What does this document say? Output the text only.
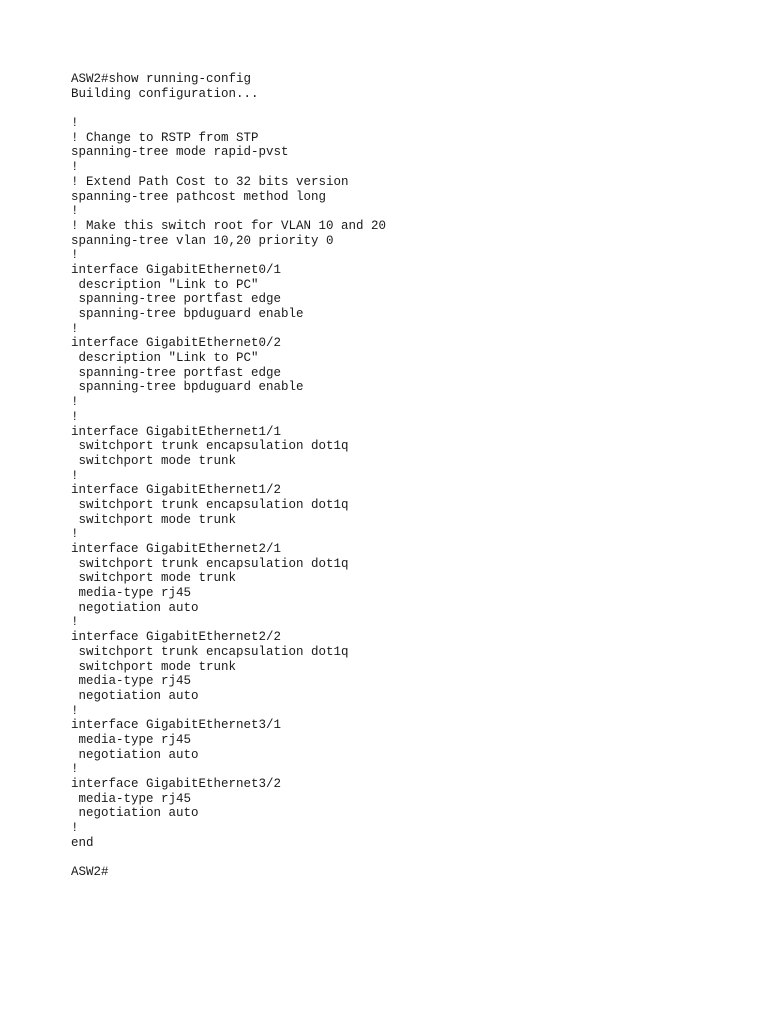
ASW2#show running-config
Building configuration...
!
! Change to RSTP from STP
spanning-tree mode rapid-pvst
!
! Extend Path Cost to 32 bits version
spanning-tree pathcost method long
!
! Make this switch root for VLAN 10 and 20
spanning-tree vlan 10,20 priority 0
!
interface GigabitEthernet0/1
description "Link to PC"
spanning-tree portfast edge
spanning-tree bpduguard enable
!
interface GigabitEthernet0/2
description "Link to PC"
spanning-tree portfast edge
spanning-tree bpduguard enable
!
!
interface GigabitEthernet1/1
switchport trunk encapsulation dot1q
switchport mode trunk
!
interface GigabitEthernet1/2
switchport trunk encapsulation dot1q
switchport mode trunk
!
interface GigabitEthernet2/1
switchport trunk encapsulation dot1q
switchport mode trunk
media-type rj45
negotiation auto
!
interface GigabitEthernet2/2
switchport trunk encapsulation dot1q
switchport mode trunk
media-type rj45
negotiation auto
!
interface GigabitEthernet3/1
media-type rj45
negotiation auto
!
interface GigabitEthernet3/2
media-type rj45
negotiation auto
!
end
ASW2#
